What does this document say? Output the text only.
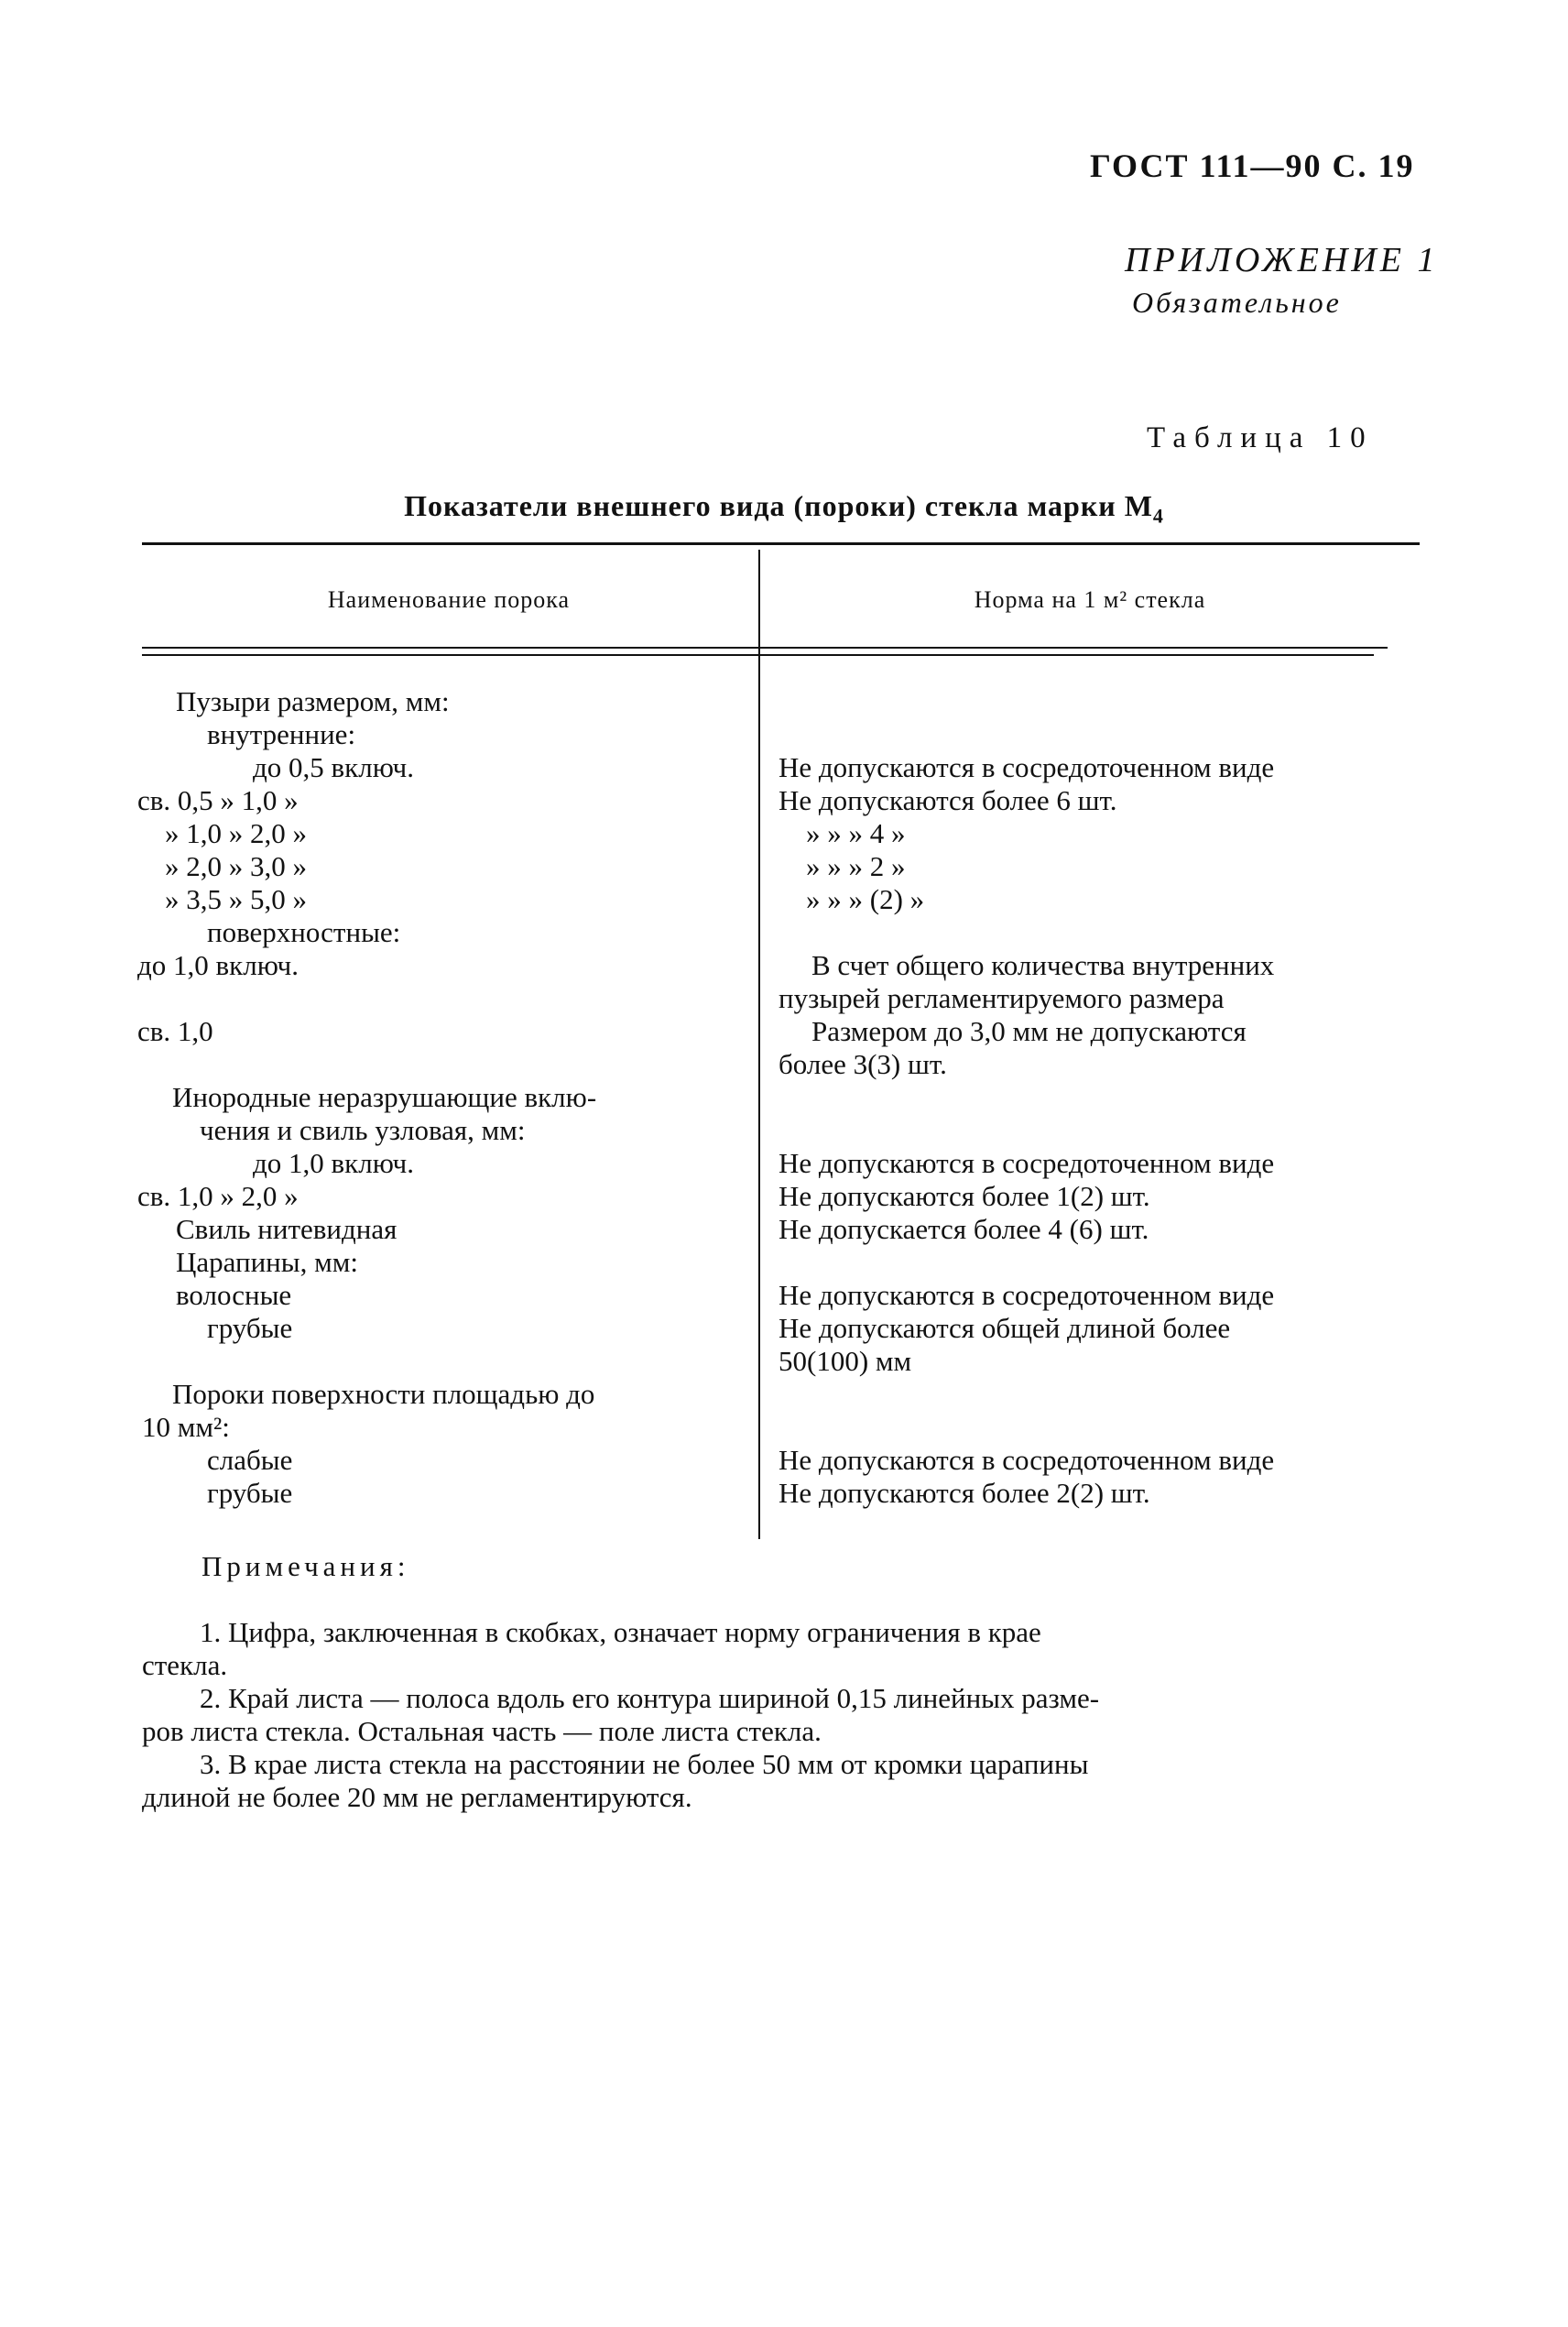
ГОСТ 111—90 С. 19
ПРИЛОЖЕНИЕ 1
Обязательное
Таблица 10
Показатели внешнего вида (пороки) стекла марки $М_4$
Наименование порока	Норма на 1 м² стекла
Пузыри размером, мм:
внутренние:
до 0,5 включ.
св. 0,5 » 1,0 »
» 1,0 » 2,0 »
» 2,0 » 3,0 »
» 3,5 » 5,0 »
поверхностные:
до 1,0 включ.
св. 1,0
Инородные неразрушающие вклю-
чения и свиль узловая, мм:
до 1,0 включ.
св. 1,0 » 2,0 »
Свиль нитевидная
Царапины, мм:
волосные
грубые
Пороки поверхности площадью до
10 мм²:
слабые
грубые
Не допускаются в сосредоточенном виде
Не допускаются более 6 шт.
» » » 4 »
» » » 2 »
» » » (2) »
В счет общего количества внутренних
пузырей регламентируемого размера
Размером до 3,0 мм не допускаются
более 3(3) шт.
Не допускаются в сосредоточенном виде
Не допускаются более 1(2) шт.
Не допускается более 4 (6) шт.
Не допускаются в сосредоточенном виде
Не допускаются общей длиной более
50(100) мм
Не допускаются в сосредоточенном виде
Не допускаются более 2(2) шт.
Примечания:
1. Цифра, заключенная в скобках, означает норму ограничения в крае
стекла.
2. Край листа — полоса вдоль его контура шириной 0,15 линейных разме-
ров листа стекла. Остальная часть — поле листа стекла.
3. В крае листа стекла на расстоянии не более 50 мм от кромки царапины
длиной не более 20 мм не регламентируются.
